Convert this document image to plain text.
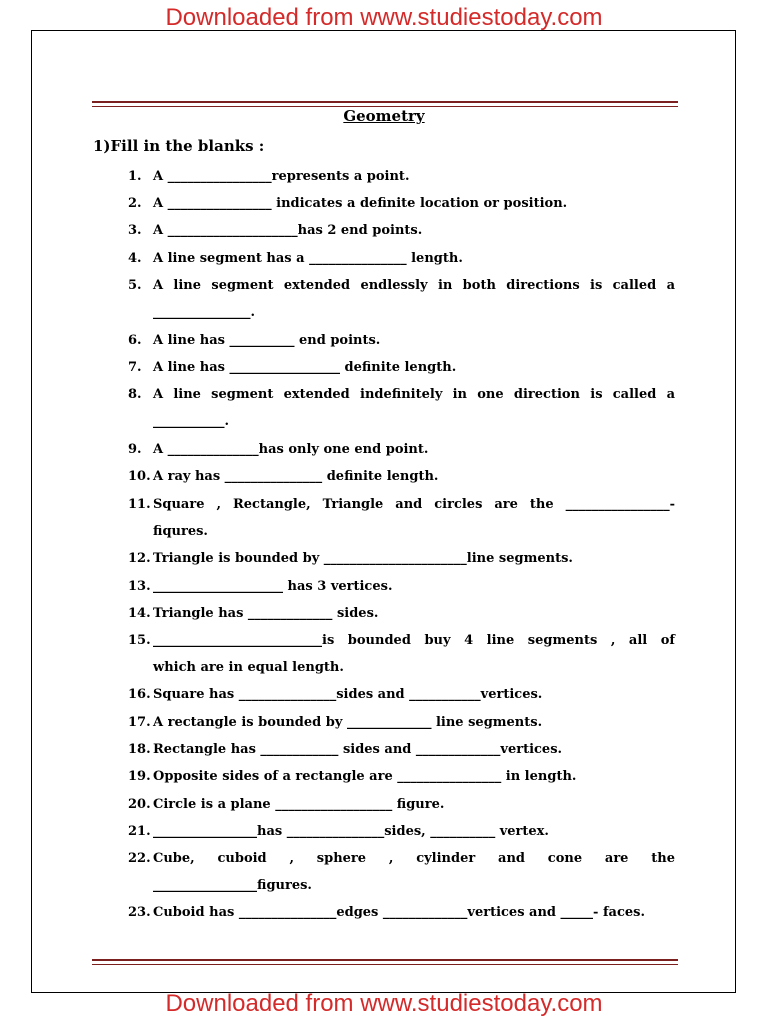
Downloaded from www.studiestoday.com
Geometry
1)Fill in the blanks :
1. A ________________represents a point.
2. A ________________ indicates a definite location or position.
3. A ____________________has 2 end points.
4. A line segment has a _______________ length.
5. A line segment extended endlessly in both directions is called a
_______________.
6. A line has __________ end points.
7. A line has _________________ definite length.
8. A line segment extended indefinitely in one direction is called a
___________.
9. A ______________has only one end point.
10. A ray has _______________ definite length.
11. Square , Rectangle, Triangle and circles are the ________________-
fiqures.
12. Triangle is bounded by ______________________line segments.
13. ____________________ has 3 vertices.
14. Triangle has _____________ sides.
15. __________________________is bounded buy 4 line segments , all of
which are in equal length.
16. Square has _______________sides and ___________vertices.
17. A rectangle is bounded by _____________ line segments.
18. Rectangle has ____________ sides and _____________vertices.
19. Opposite sides of a rectangle are ________________ in length.
20. Circle is a plane __________________ figure.
21. ________________has _______________sides, __________ vertex.
22. Cube, cuboid , sphere , cylinder and cone are the
________________figures.
23. Cuboid has _______________edges _____________vertices and _____- faces.
Downloaded from www.studiestoday.com
